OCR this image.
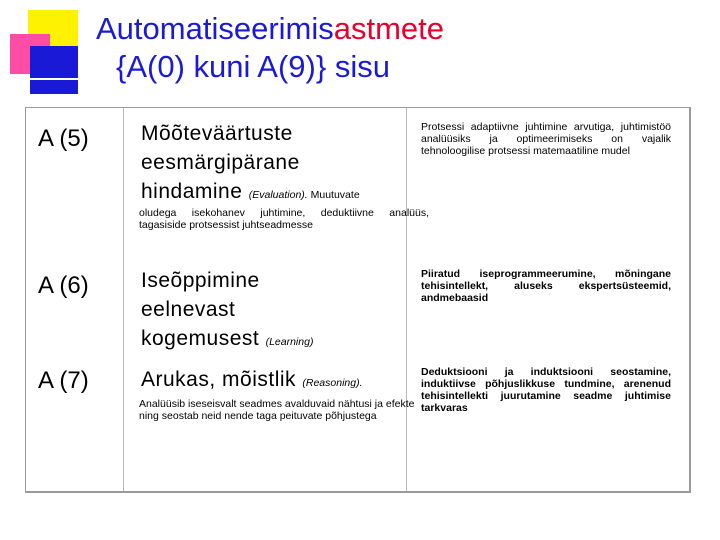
Automatiseerimisastmete
{A(0) kuni A(9)} sisu
A (5) Mõõteväärtuste
eesmärgipärane
hindamine (Evaluation). Muutuvate
oludega isekohanev juhtimine, deduktiivne analüüs, tagasiside protsessist juhtseadmesse
Protsessi adaptiivne juhtimine arvutiga, juhtimistöö analüüsiks ja optimeerimiseks on vajalik tehnoloogilise protsessi matemaatiline mudel
A (6) Iseõppimine
eelnevast
kogemusest (Learning)
Piiratud iseprogrammeerumine, mõningane tehisintellekt, aluseks ekspertsüsteemid, andmebaasid
A (7) Arukas, mõistlik (Reasoning).
Analüüsib iseseisvalt seadmes avalduvaid nähtusi ja efekte ning seostab neid nende taga peituvate põhjustega
Deduktsiooni ja induktsiooni seostamine, induktiivse põhjuslikkuse tundmine, arenenud tehisintellekti juurutamine seadme juhtimise tarkvaras
